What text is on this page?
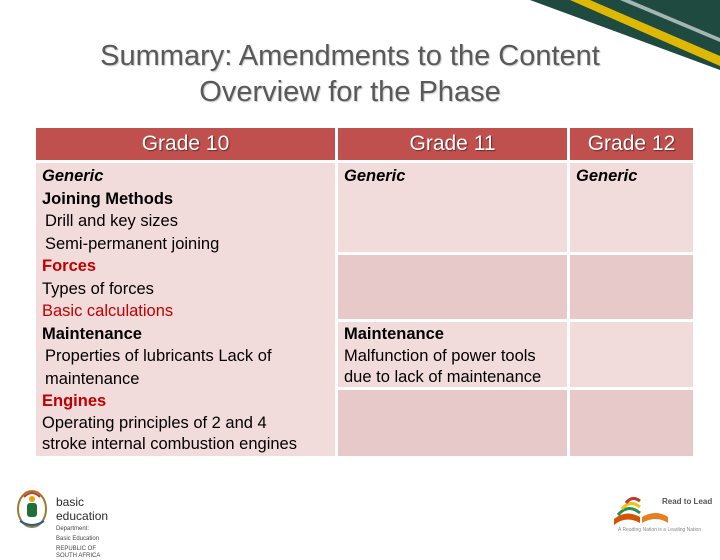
Summary: Amendments to the Content
Overview for the Phase
Grade 10	Grade 11	Grade 12
Generic
Joining Methods
Drill and key sizes
Semi-permanent joining
Forces
Types of forces
Basic calculations
Maintenance
Properties of lubricants Lack of
maintenance
Engines
Operating principles of 2 and 4
stroke internal combustion engines
Generic
Maintenance
Malfunction of power tools
due to lack of maintenance
Generic
basic education
Department:
Basic Education
REPUBLIC OF SOUTH AFRICA
Read to Lead
A Reading Nation is a Leading Nation
